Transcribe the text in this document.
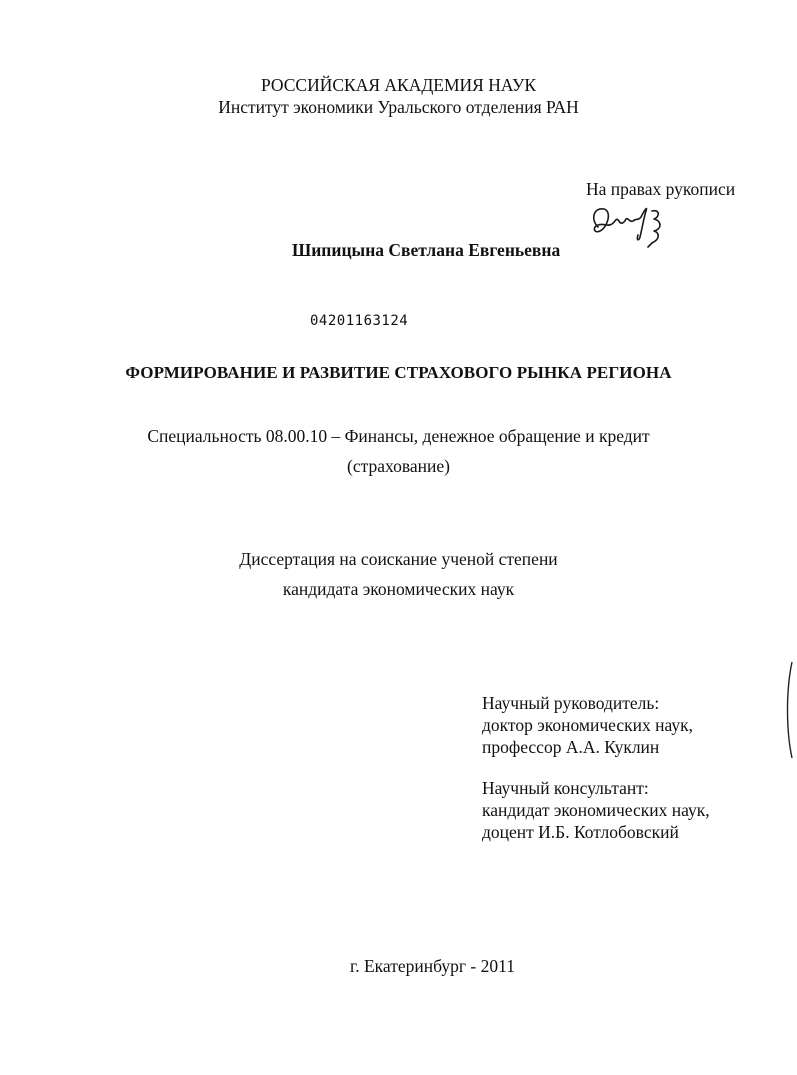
РОССИЙСКАЯ АКАДЕМИЯ НАУК
Институт экономики Уральского отделения РАН
На правах рукописи
Шипицына Светлана Евгеньевна
04201163124
ФОРМИРОВАНИЕ И РАЗВИТИЕ СТРАХОВОГО РЫНКА РЕГИОНА
Специальность 08.00.10 – Финансы, денежное обращение и кредит
(страхование)
Диссертация на соискание ученой степени
кандидата экономических наук
Научный руководитель:
доктор экономических наук,
профессор А.А. Куклин
Научный консультант:
кандидат экономических наук,
доцент И.Б. Котлобовский
г. Екатеринбург - 2011
